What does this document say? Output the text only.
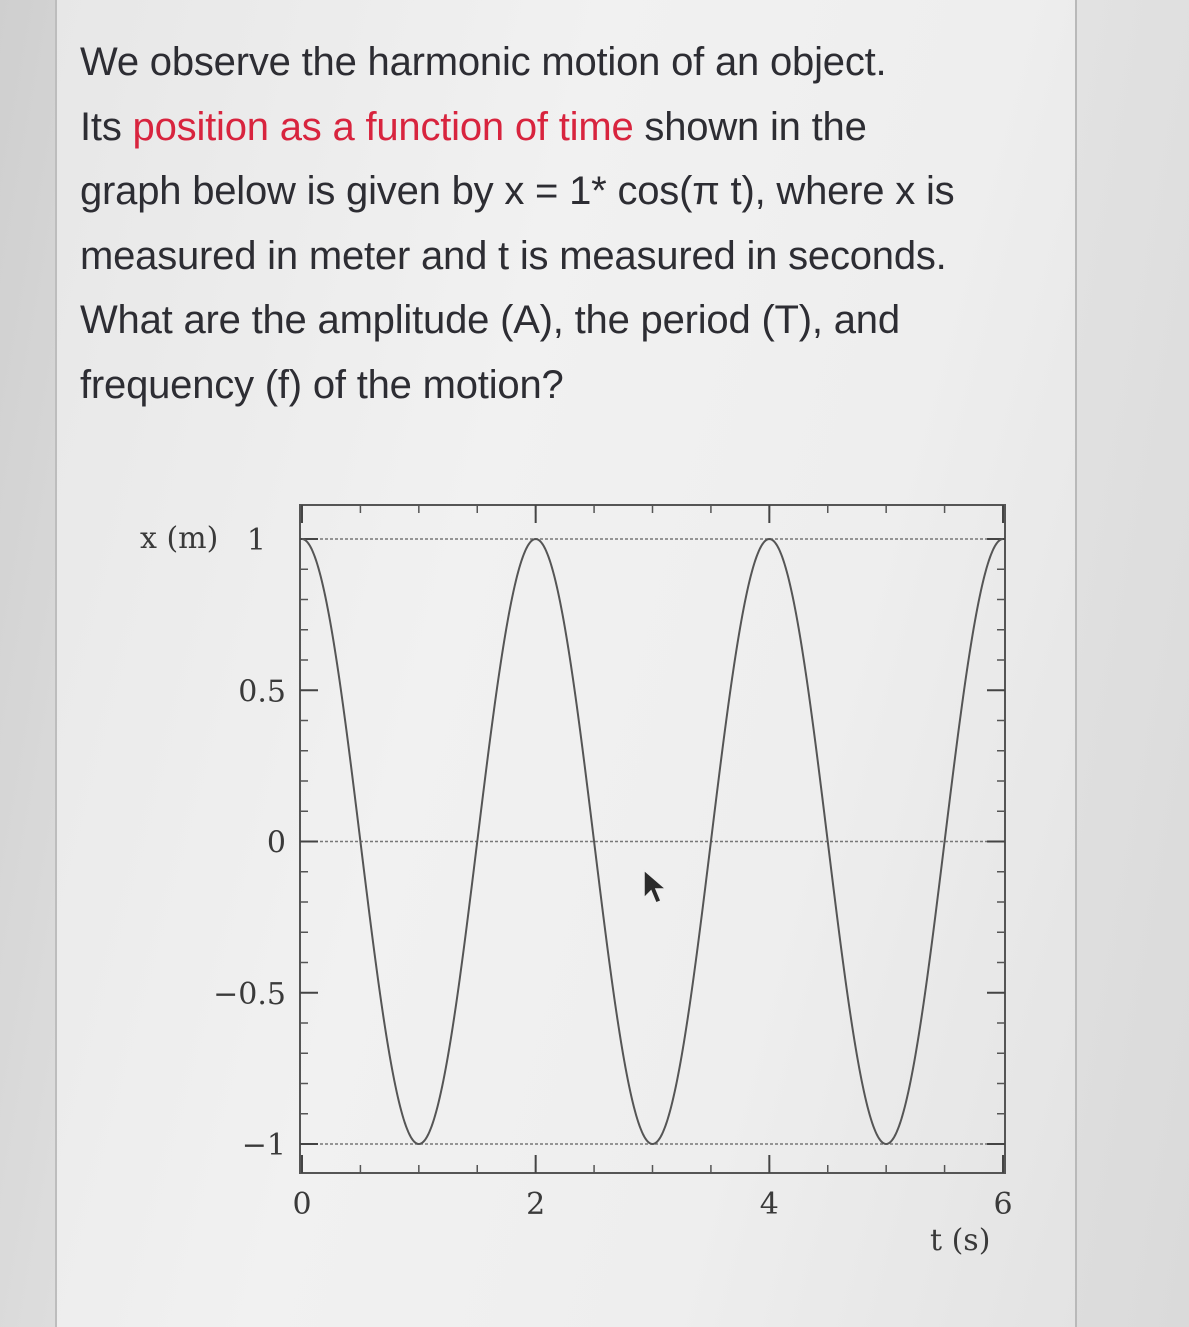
We observe the harmonic motion of an object.
Its position as a function of time shown in the
graph below is given by x = 1* cos(π t), where x is
measured in meter and t is measured in seconds.
What are the amplitude (A), the period (T), and
frequency (f) of the motion?

0	2	4	6
1
0.5
0
−0.5
−1
x (m)
t (s)
